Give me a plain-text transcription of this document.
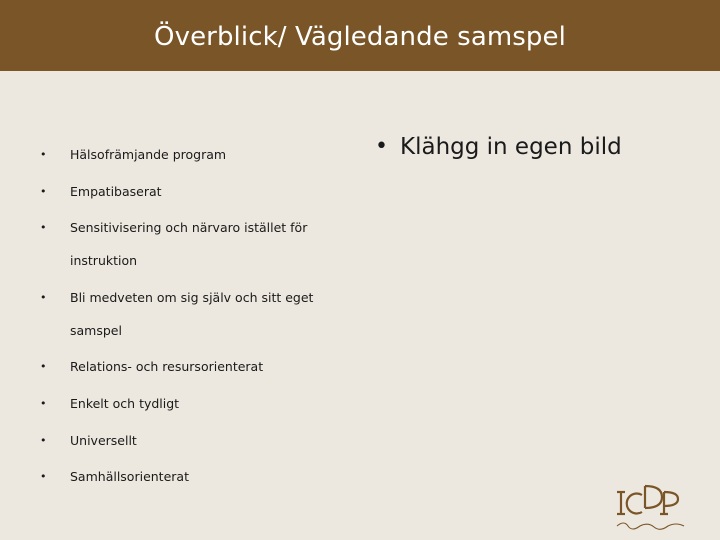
Överblick/ Vägledande samspel
•	Hälsofrämjande program
•	Empatibaserat
•	Sensitivisering och närvaro istället för instruktion
•	Bli medveten om sig själv och sitt eget samspel
•	Relations- och resursorienterat
•	Enkelt och tydligt
•	Universellt
•	Samhällsorienterat
• Klähgg in egen bild
